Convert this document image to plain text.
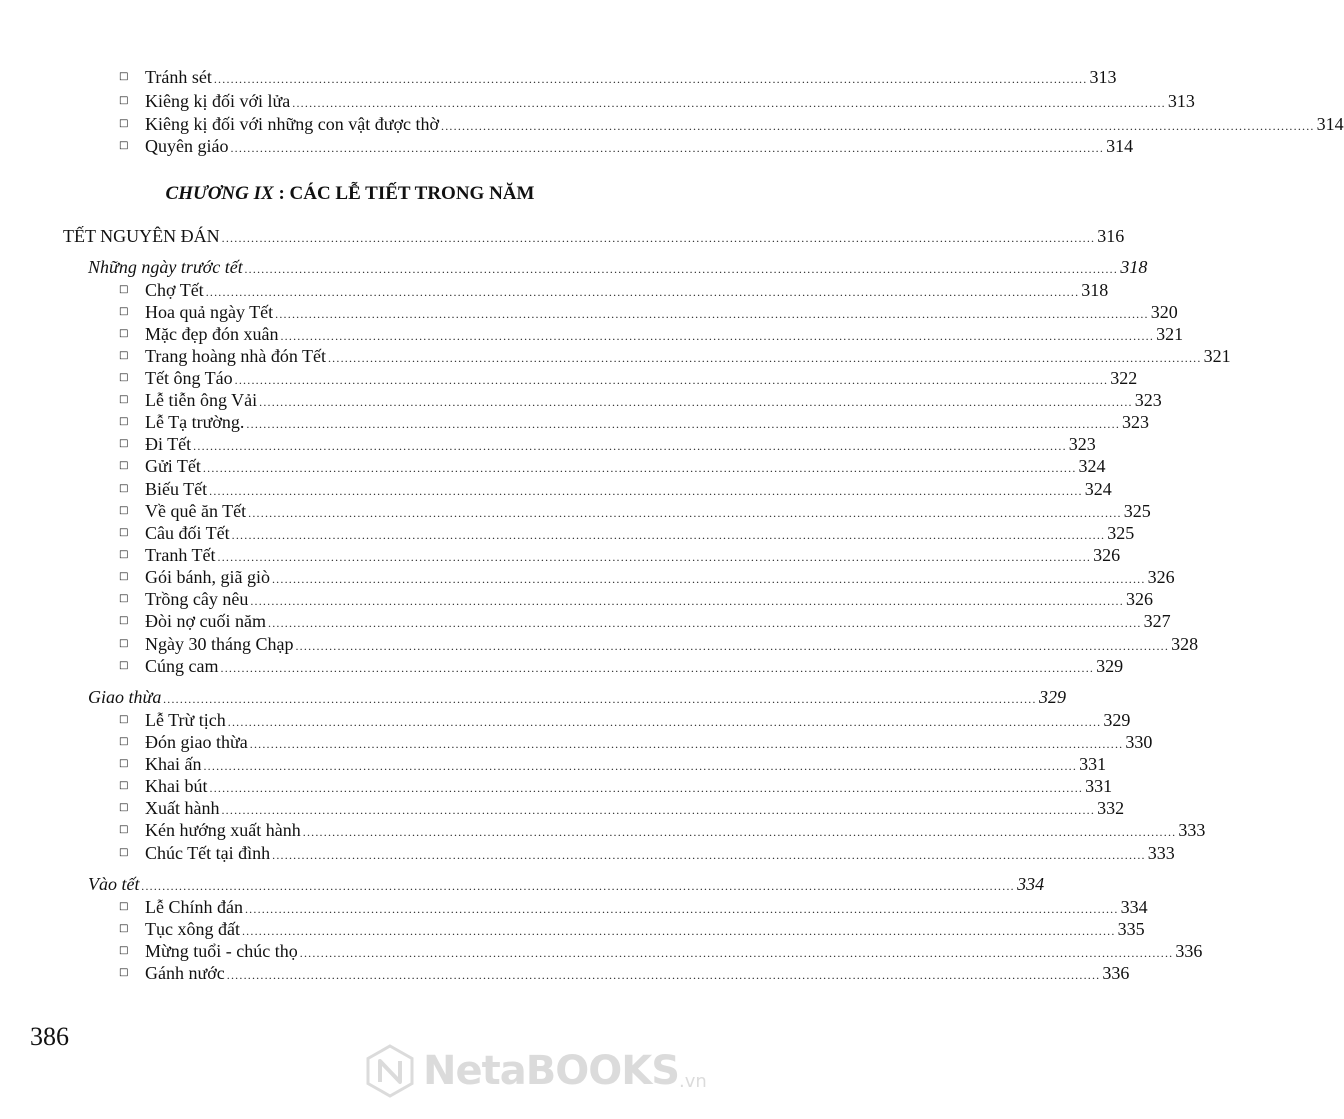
□ Tránh sét .....	313
□ Kiêng kị đối với lửa .....	313
□ Kiêng kị đối với những con vật được thờ .....	314
□ Quyên giáo .....	314
CHƯƠNG IX : CÁC LỄ TIẾT TRONG NĂM
TẾT NGUYÊN ĐÁN .....	316
Những ngày trước tết .....	318
□ Chợ Tết .....	318
□ Hoa quả ngày Tết .....	320
□ Mặc đẹp đón xuân .....	321
□ Trang hoàng nhà đón Tết .....	321
□ Tết ông Táo .....	322
□ Lễ tiễn ông Vải .....	323
□ Lễ Tạ trường. .....	323
□ Đi Tết .....	323
□ Gửi Tết .....	324
□ Biếu Tết .....	324
□ Về quê ăn Tết .....	325
□ Câu đối Tết .....	325
□ Tranh Tết .....	326
□ Gói bánh, giã giò .....	326
□ Trồng cây nêu .....	326
□ Đòi nợ cuối năm .....	327
□ Ngày 30 tháng Chạp .....	328
□ Cúng cam .....	329
Giao thừa .....	329
□ Lễ Trừ tịch .....	329
□ Đón giao thừa .....	330
□ Khai ấn .....	331
□ Khai bút .....	331
□ Xuất hành .....	332
□ Kén hướng xuất hành .....	333
□ Chúc Tết tại đình .....	333
Vào tết .....	334
□ Lễ Chính đán .....	334
□ Tục xông đất .....	335
□ Mừng tuổi - chúc thọ .....	336
□ Gánh nước .....	336
386
NetaBOOKS .vn
